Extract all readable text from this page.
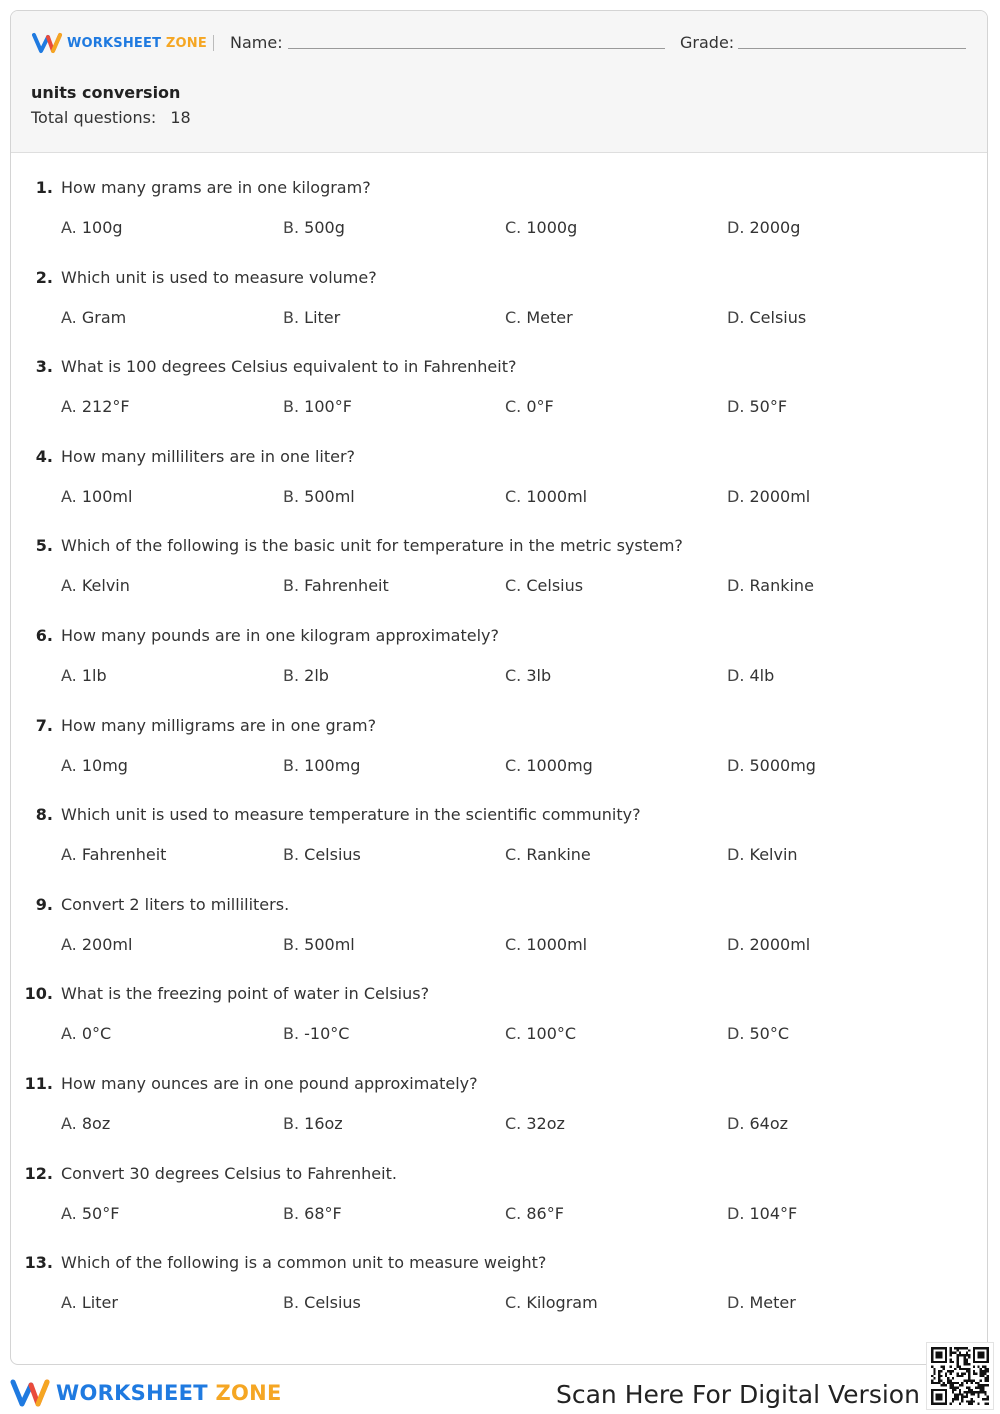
WORKSHEET ZONE Name:	Grade:
units conversion
Total questions: 18
1. How many grams are in one kilogram?
A. 100g	B. 500g	C. 1000g	D. 2000g
2. Which unit is used to measure volume?
A. Gram	B. Liter	C. Meter	D. Celsius
3. What is 100 degrees Celsius equivalent to in Fahrenheit?
A. 212°F	B. 100°F	C. 0°F	D. 50°F
4. How many milliliters are in one liter?
A. 100ml	B. 500ml	C. 1000ml	D. 2000ml
5. Which of the following is the basic unit for temperature in the metric system?
A. Kelvin	B. Fahrenheit	C. Celsius	D. Rankine
6. How many pounds are in one kilogram approximately?
A. 1lb	B. 2lb	C. 3lb	D. 4lb
7. How many milligrams are in one gram?
A. 10mg	B. 100mg	C. 1000mg	D. 5000mg
8. Which unit is used to measure temperature in the scientific community?
A. Fahrenheit	B. Celsius	C. Rankine	D. Kelvin
9. Convert 2 liters to milliliters.
A. 200ml	B. 500ml	C. 1000ml	D. 2000ml
10. What is the freezing point of water in Celsius?
A. 0°C	B. -10°C	C. 100°C	D. 50°C
11. How many ounces are in one pound approximately?
A. 8oz	B. 16oz	C. 32oz	D. 64oz
12. Convert 30 degrees Celsius to Fahrenheit.
A. 50°F	B. 68°F	C. 86°F	D. 104°F
13. Which of the following is a common unit to measure weight?
A. Liter	B. Celsius	C. Kilogram	D. Meter
WORKSHEET ZONE	Scan Here For Digital Version
